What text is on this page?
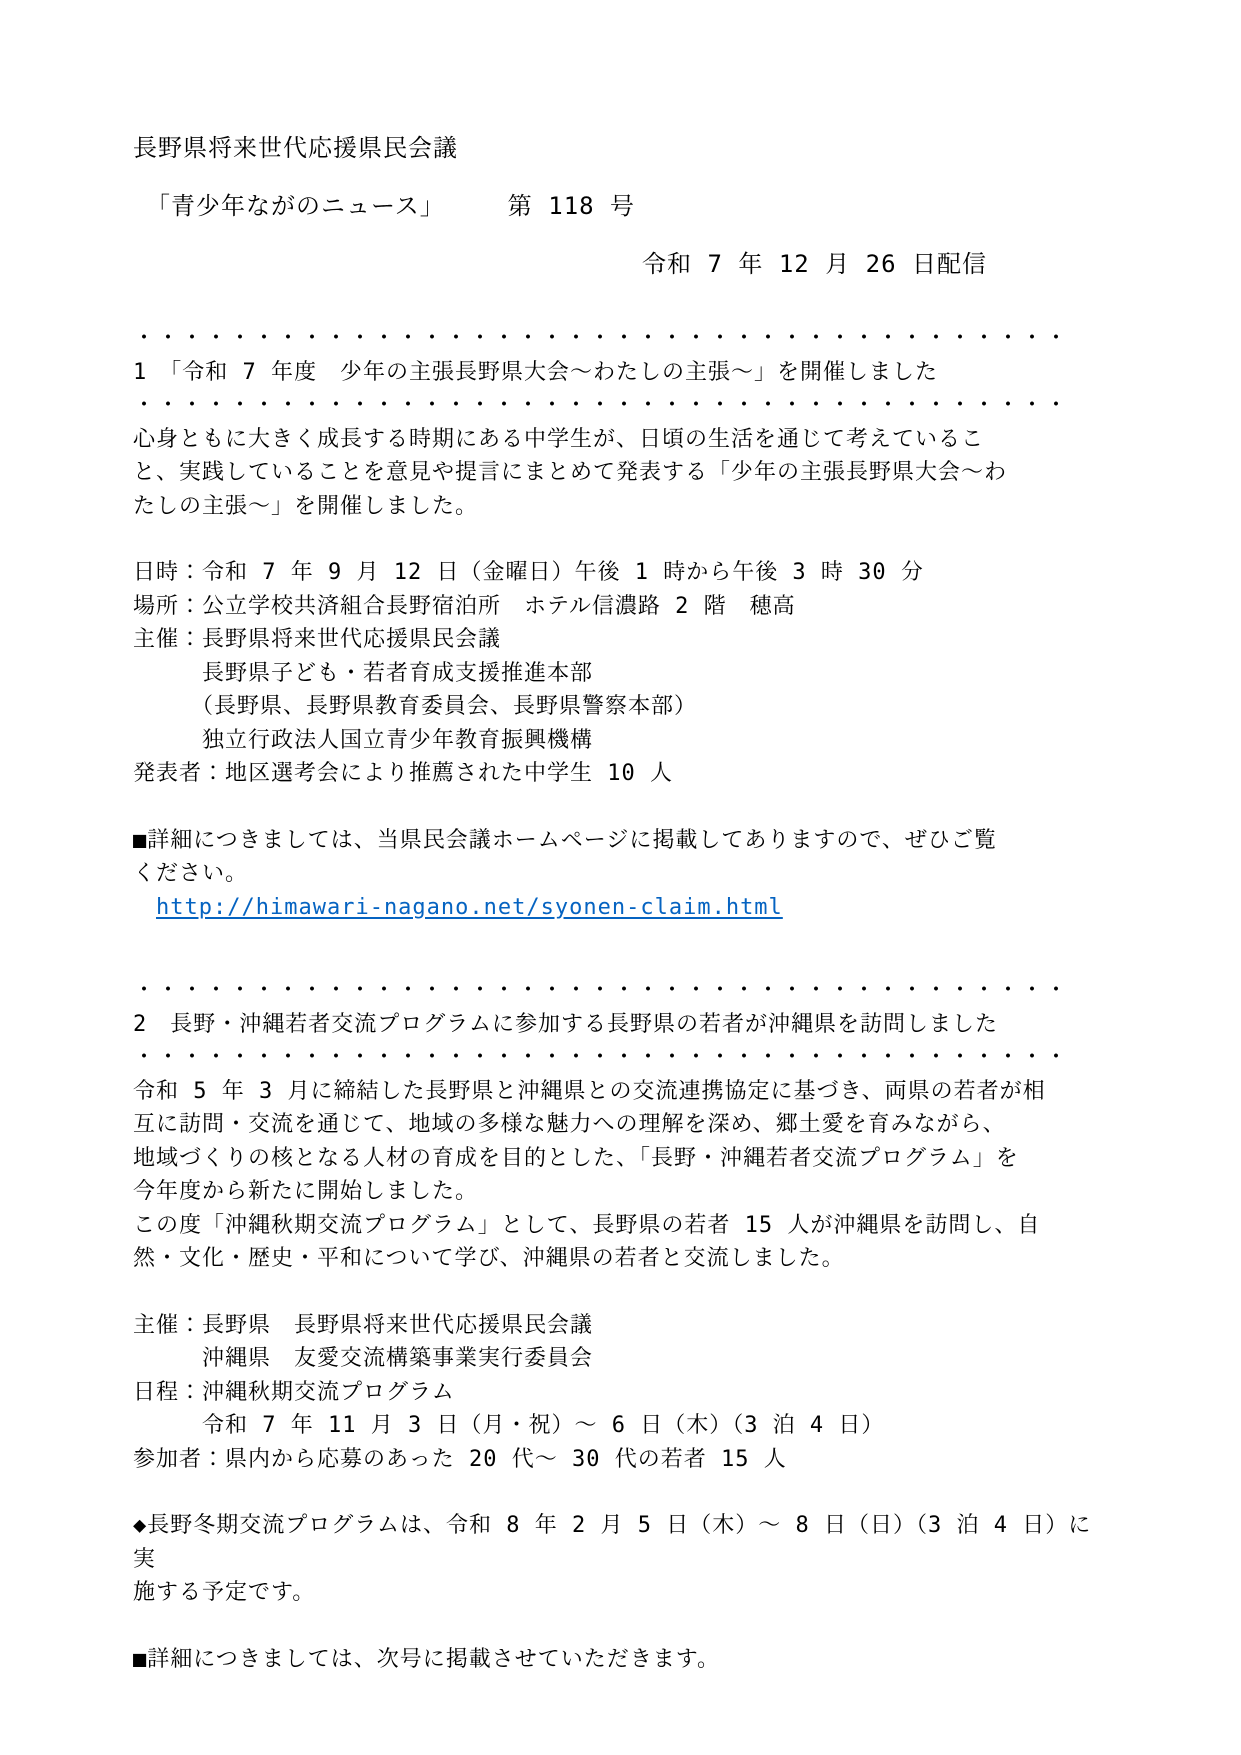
長野県将来世代応援県民会議
　「青少年ながのニュース」　　　第 118 号
令和 7 年 12 月 26 日配信
・・・・・・・・・・・・・・・・・・・・・・・・・・・・・・・・・・・・・・・
1　「令和 7 年度　少年の主張長野県大会～わたしの主張～」を開催しました
・・・・・・・・・・・・・・・・・・・・・・・・・・・・・・・・・・・・・・・
心身ともに大きく成長する時期にある中学生が、日頃の生活を通じて考えているこ
と、実践していることを意見や提言にまとめて発表する「少年の主張長野県大会～わ
たしの主張～」を開催しました。
日時：令和 7 年 9 月 12 日（金曜日）午後 1 時から午後 3 時 30 分
場所：公立学校共済組合長野宿泊所　ホテル信濃路 2 階　穂高
主催：長野県将来世代応援県民会議
　　　長野県子ども・若者育成支援推進本部
　　　（長野県、長野県教育委員会、長野県警察本部）
　　　独立行政法人国立青少年教育振興機構
発表者：地区選考会により推薦された中学生 10 人
■詳細につきましては、当県民会議ホームページに掲載してありますので、ぜひご覧
ください。
　http://himawari-nagano.net/syonen-claim.html
・・・・・・・・・・・・・・・・・・・・・・・・・・・・・・・・・・・・・・・
2　長野・沖縄若者交流プログラムに参加する長野県の若者が沖縄県を訪問しました
・・・・・・・・・・・・・・・・・・・・・・・・・・・・・・・・・・・・・・・
令和 5 年 3 月に締結した長野県と沖縄県との交流連携協定に基づき、両県の若者が相
互に訪問・交流を通じて、地域の多様な魅力への理解を深め、郷土愛を育みながら、
地域づくりの核となる人材の育成を目的とした、「長野・沖縄若者交流プログラム」を
今年度から新たに開始しました。
この度「沖縄秋期交流プログラム」として、長野県の若者 15 人が沖縄県を訪問し、自
然・文化・歴史・平和について学び、沖縄県の若者と交流しました。
主催：長野県　長野県将来世代応援県民会議
　　　沖縄県　友愛交流構築事業実行委員会
日程：沖縄秋期交流プログラム
　　　令和 7 年 11 月 3 日（月・祝）～ 6 日（木）（3 泊 4 日）
参加者：県内から応募のあった 20 代～ 30 代の若者 15 人
◆長野冬期交流プログラムは、令和 8 年 2 月 5 日（木）～ 8 日（日）（3 泊 4 日）に実
施する予定です。
■詳細につきましては、次号に掲載させていただきます。
